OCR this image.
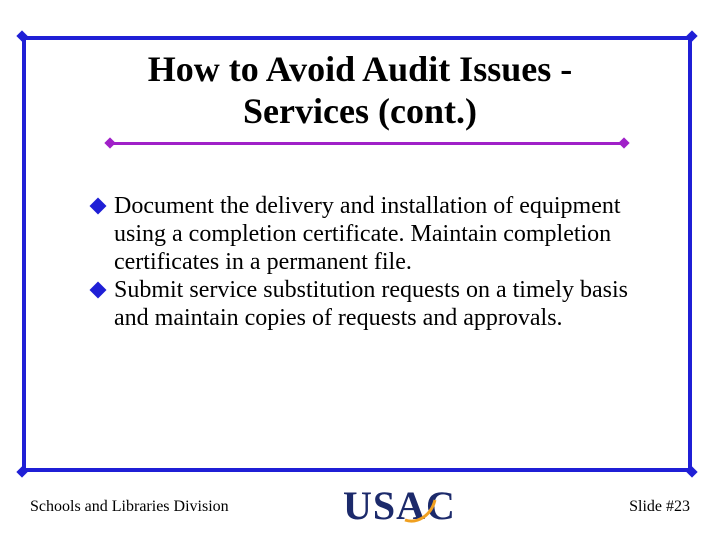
How to Avoid Audit Issues -
Services (cont.)

Document the delivery and installation of equipment using a completion certificate. Maintain completion certificates in a permanent file.

Submit service substitution requests on a timely basis and maintain copies of requests and approvals.

Schools and Libraries Division	USAC	Slide #23
